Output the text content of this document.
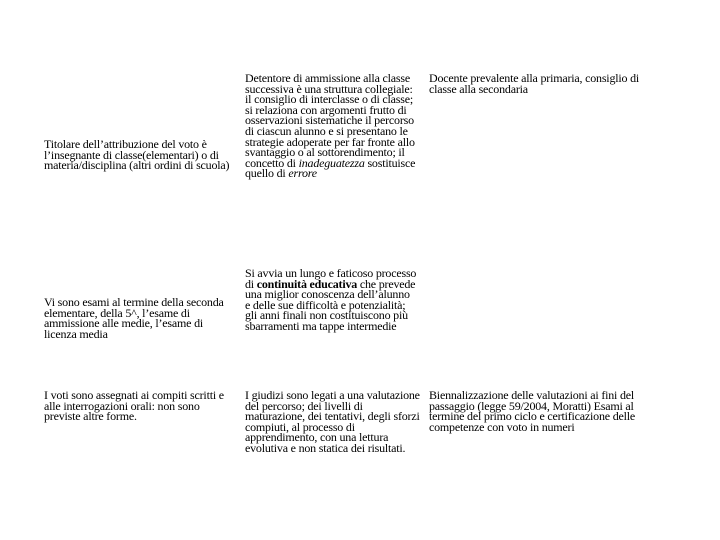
Titolare dell’attribuzione del voto è l’insegnante di classe(elementari) o di materia/disciplina (altri ordini di scuola)
Detentore di ammissione alla classe successiva è una struttura collegiale: il consiglio di interclasse o di classe; si relaziona con argomenti frutto di osservazioni sistematiche il percorso di ciascun alunno e si presentano le strategie adoperate per far fronte allo svantaggio o al sottorendimento; il concetto di inadeguatezza sostituisce quello di errore
Docente prevalente alla primaria, consiglio di classe alla secondaria
Vi sono esami al termine della seconda elementare, della 5^, l’esame di ammissione alle medie, l’esame di licenza media
Si avvia un lungo e faticoso processo di continuità educativa che prevede una miglior conoscenza dell’alunno e delle sue difficoltà e potenzialità; gli anni finali non costituiscono più sbarramenti ma tappe intermedie
I voti sono assegnati ai compiti scritti e alle interrogazioni orali: non sono previste altre forme.
I giudizi sono legati a una valutazione del percorso; dei livelli di maturazione, dei tentativi, degli sforzi compiuti, al processo di apprendimento, con una lettura evolutiva e non statica dei risultati.
Biennalizzazione delle valutazioni ai fini del passaggio (legge 59/2004, Moratti) Esami al termine del primo ciclo e certificazione delle competenze con voto in numeri
